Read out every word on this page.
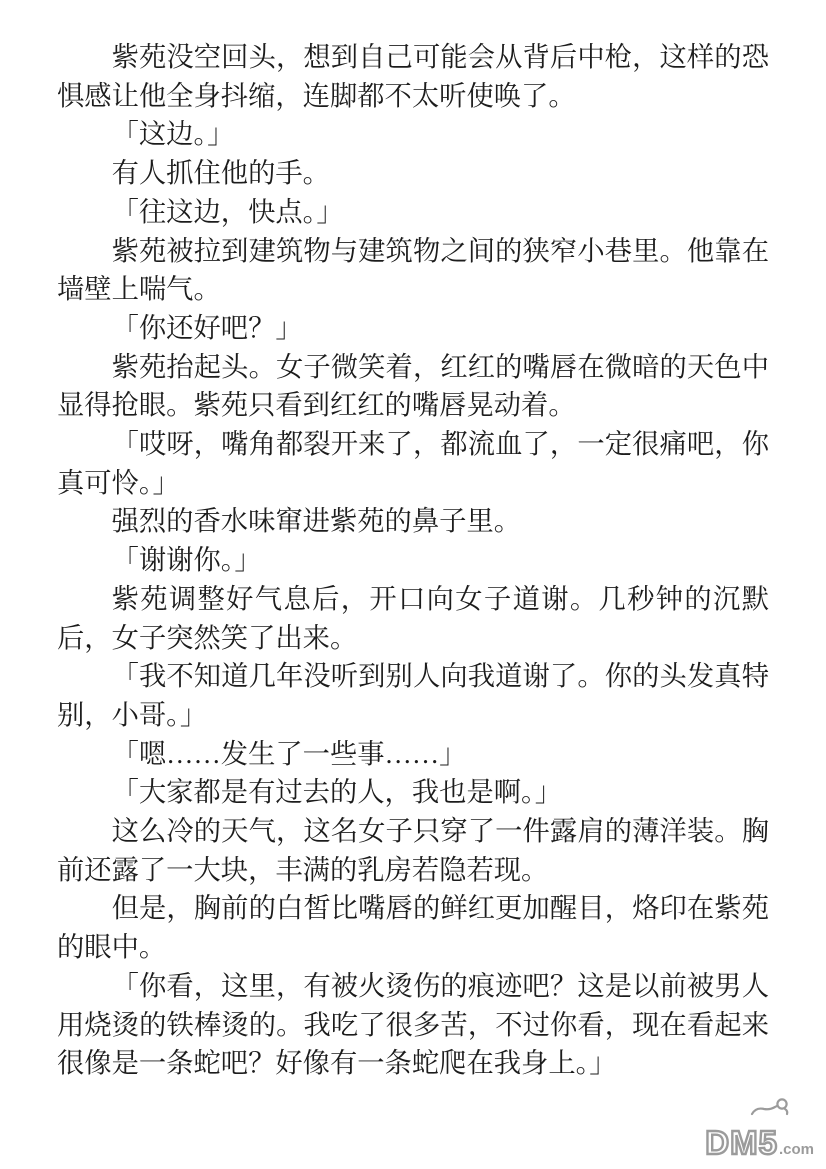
紫苑没空回头，想到自己可能会从背后中枪，这样的恐惧感让他全身抖缩，连脚都不太听使唤了。

「这边。」

有人抓住他的手。

「往这边，快点。」

紫苑被拉到建筑物与建筑物之间的狭窄小巷里。他靠在墙壁上喘气。

「你还好吧？」

紫苑抬起头。女子微笑着，红红的嘴唇在微暗的天色中显得抢眼。紫苑只看到红红的嘴唇晃动着。

「哎呀，嘴角都裂开来了，都流血了，一定很痛吧，你真可怜。」

强烈的香水味窜进紫苑的鼻子里。

「谢谢你。」

紫苑调整好气息后，开口向女子道谢。几秒钟的沉默后，女子突然笑了出来。

「我不知道几年没听到别人向我道谢了。你的头发真特别，小哥。」

「嗯……发生了一些事……」

「大家都是有过去的人，我也是啊。」

这么冷的天气，这名女子只穿了一件露肩的薄洋装。胸前还露了一大块，丰满的乳房若隐若现。

但是，胸前的白皙比嘴唇的鲜红更加醒目，烙印在紫苑的眼中。

「你看，这里，有被火烫伤的痕迹吧？这是以前被男人用烧烫的铁棒烫的。我吃了很多苦，不过你看，现在看起来很像是一条蛇吧？好像有一条蛇爬在我身上。」

DM5 .com
